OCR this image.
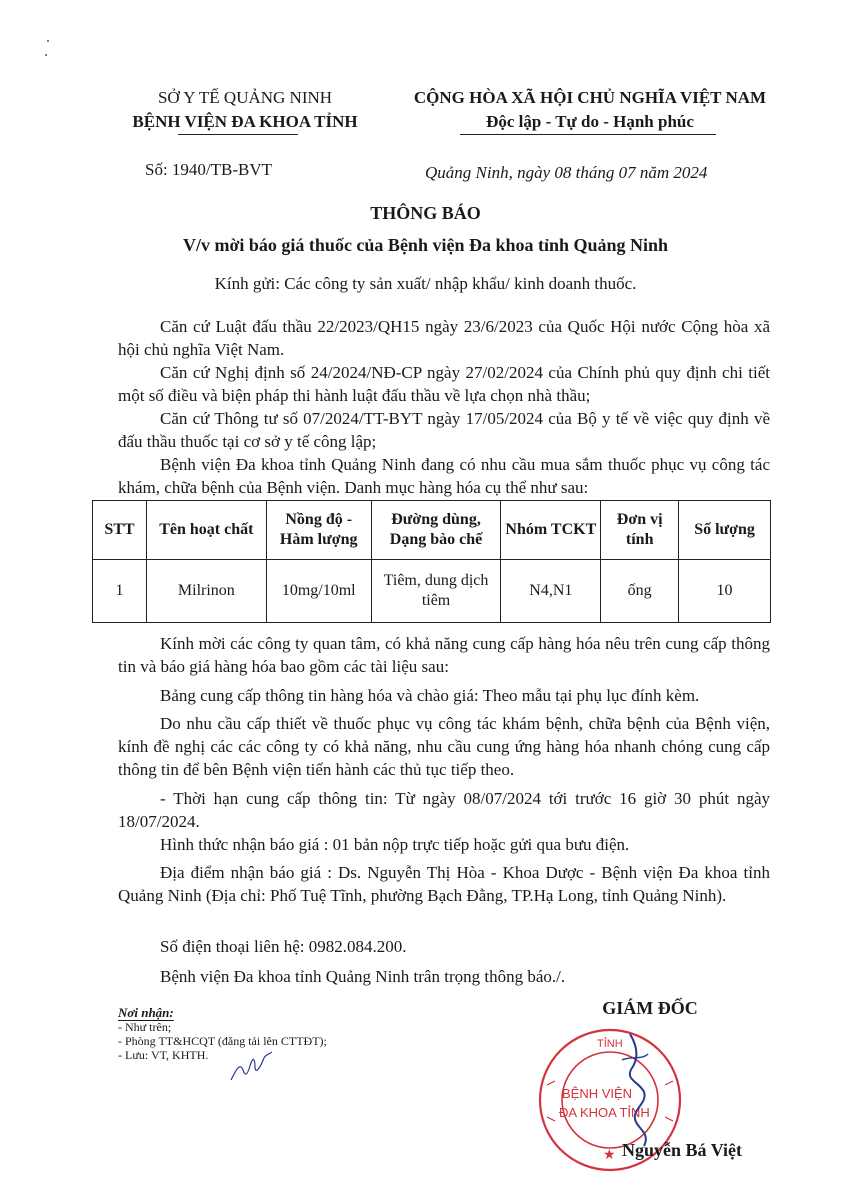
SỞ Y TẾ QUẢNG NINH
BỆNH VIỆN ĐA KHOA TỈNH
CỘNG HÒA XÃ HỘI CHỦ NGHĨA VIỆT NAM
Độc lập - Tự do - Hạnh phúc
Số: 1940/TB-BVT	Quảng Ninh, ngày 08 tháng 07 năm 2024
THÔNG BÁO
V/v mời báo giá thuốc của Bệnh viện Đa khoa tỉnh Quảng Ninh
Kính gửi: Các công ty sản xuất/ nhập khẩu/ kinh doanh thuốc.

Căn cứ Luật đấu thầu 22/2023/QH15 ngày 23/6/2023 của Quốc Hội nước Cộng hòa xã hội chủ nghĩa Việt Nam.

Căn cứ Nghị định số 24/2024/NĐ-CP ngày 27/02/2024 của Chính phủ quy định chi tiết một số điều và biện pháp thi hành luật đấu thầu về lựa chọn nhà thầu;

Căn cứ Thông tư số 07/2024/TT-BYT ngày 17/05/2024 của Bộ y tế về việc quy định về đấu thầu thuốc tại cơ sở y tế công lập;

Bệnh viện Đa khoa tỉnh Quảng Ninh đang có nhu cầu mua sắm thuốc phục vụ công tác khám, chữa bệnh của Bệnh viện. Danh mục hàng hóa cụ thể như sau:

STT	Tên hoạt chất	Nồng độ - Hàm lượng	Đường dùng, Dạng bào chế	Nhóm TCKT	Đơn vị tính	Số lượng
1	Milrinon	10mg/10ml	Tiêm, dung dịch tiêm	N4,N1	ống	10

Kính mời các công ty quan tâm, có khả năng cung cấp hàng hóa nêu trên cung cấp thông tin và báo giá hàng hóa bao gồm các tài liệu sau:

Bảng cung cấp thông tin hàng hóa và chào giá: Theo mẫu tại phụ lục đính kèm.

Do nhu cầu cấp thiết về thuốc phục vụ công tác khám bệnh, chữa bệnh của Bệnh viện, kính đề nghị các các công ty có khả năng, nhu cầu cung ứng hàng hóa nhanh chóng cung cấp thông tin để bên Bệnh viện tiến hành các thủ tục tiếp theo.

- Thời hạn cung cấp thông tin: Từ ngày 08/07/2024 tới trước 16 giờ 30 phút ngày 18/07/2024.

Hình thức nhận báo giá : 01 bản nộp trực tiếp hoặc gửi qua bưu điện.

Địa điểm nhận báo giá : Ds. Nguyễn Thị Hòa - Khoa Dược - Bệnh viện Đa khoa tỉnh Quảng Ninh (Địa chỉ: Phố Tuệ Tĩnh, phường Bạch Đằng, TP.Hạ Long, tỉnh Quảng Ninh).

Số điện thoại liên hệ: 0982.084.200.

Bệnh viện Đa khoa tỉnh Quảng Ninh trân trọng thông báo./.

Nơi nhận:
- Như trên;
- Phòng TT&HCQT (đăng tải lên CTTĐT);
- Lưu: VT, KHTH.
GIÁM ĐỐC
TỈNH
BỆNH VIỆN
ĐA KHOA TỈNH
★ Nguyễn Bá Việt
